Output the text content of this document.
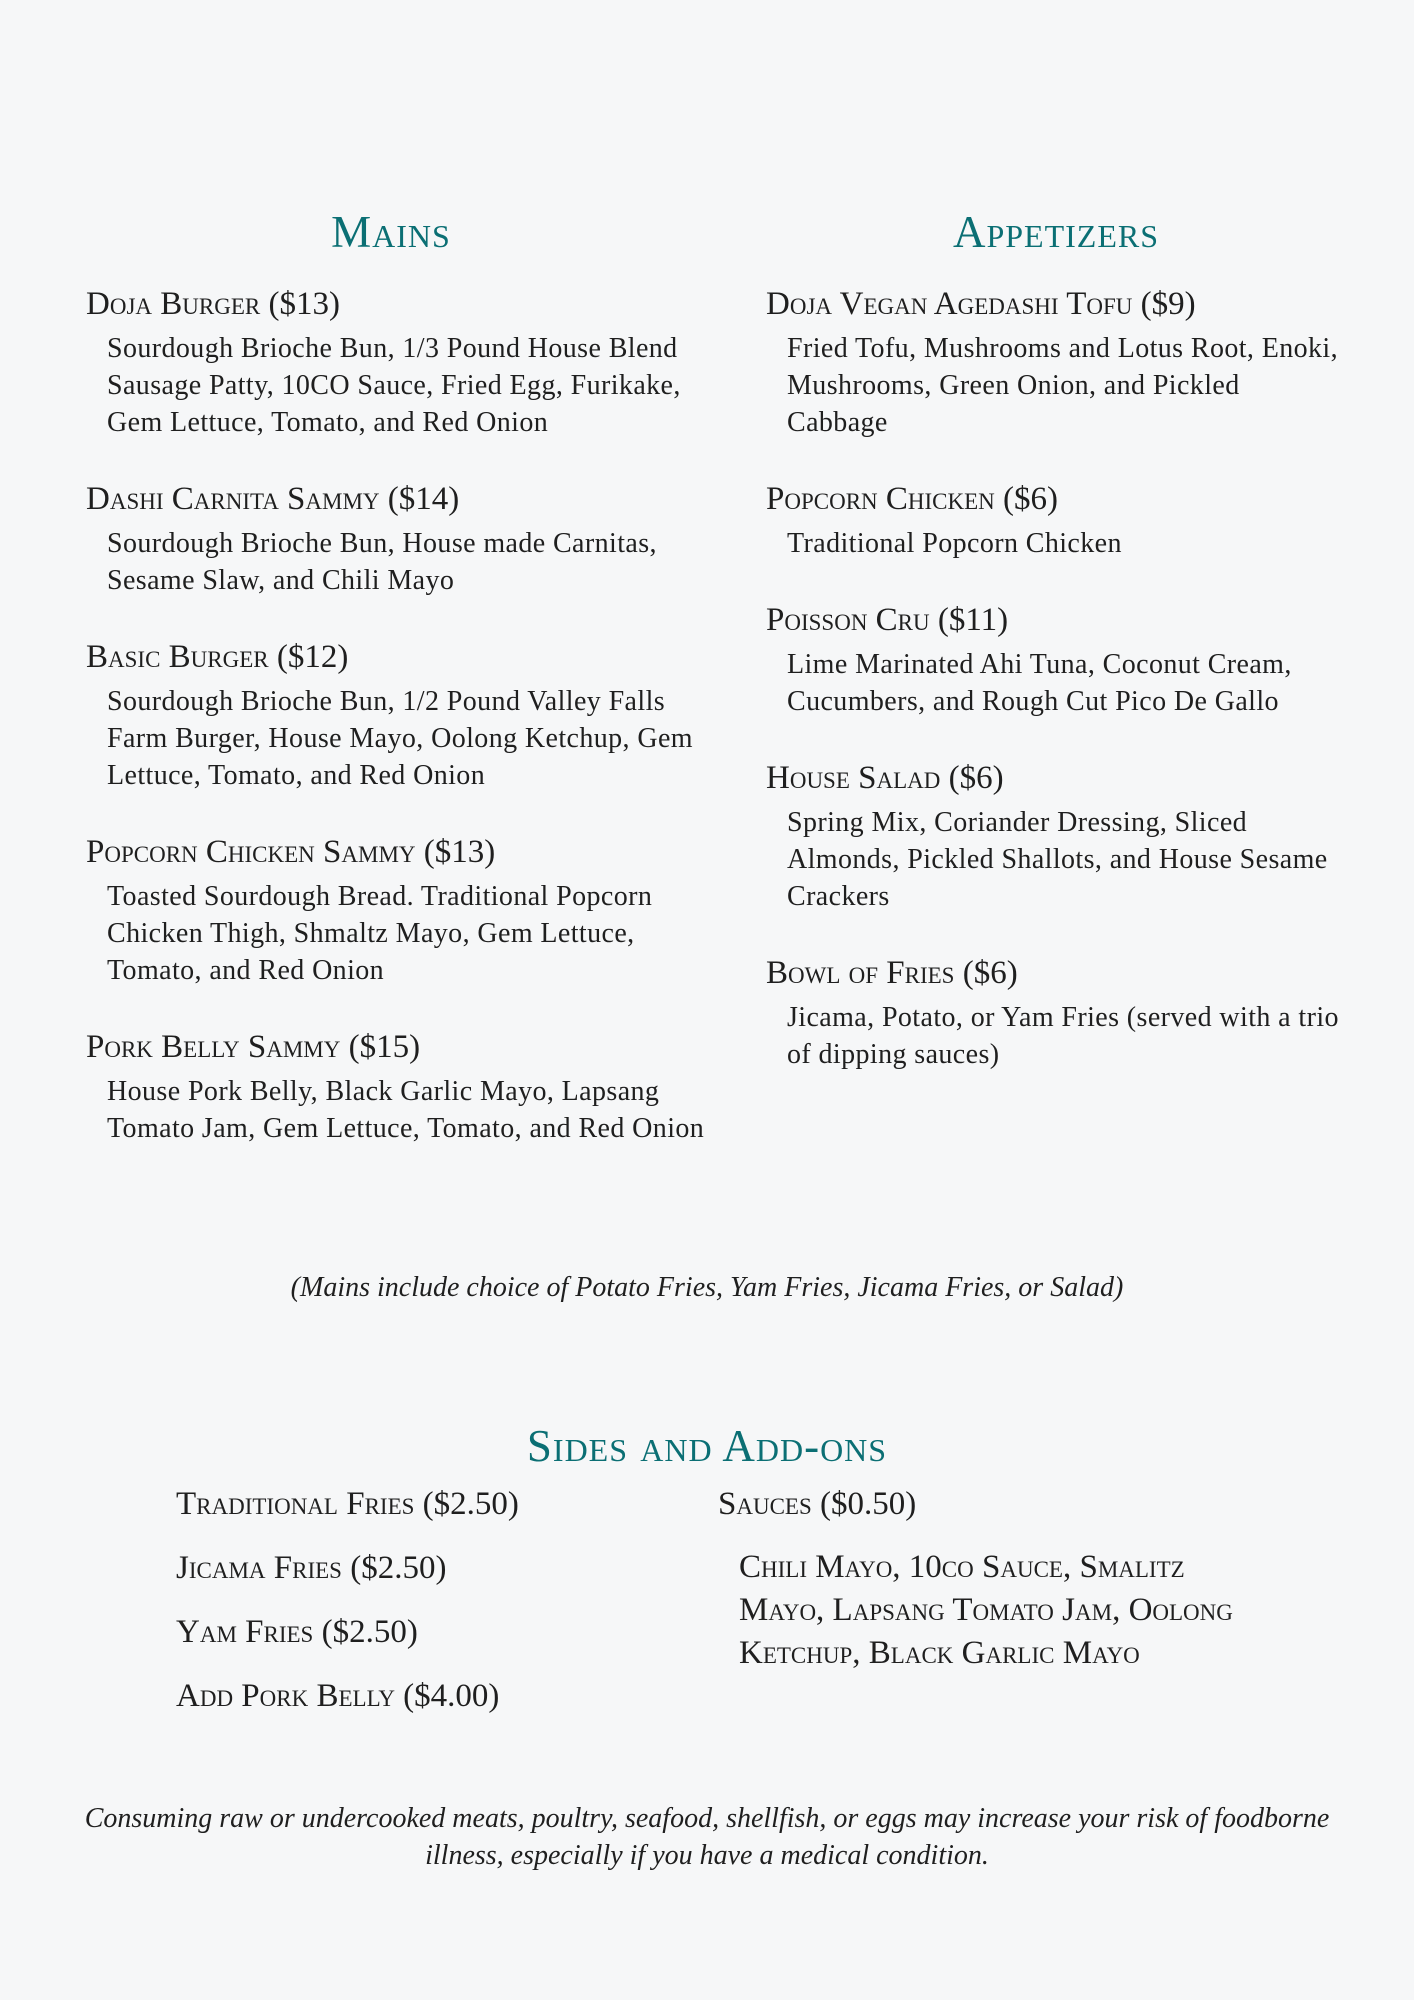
Mains	Appetizers
Doja Burger ($13)
Sourdough Brioche Bun, 1/3 Pound House Blend Sausage Patty, 10CO Sauce, Fried Egg, Furikake, Gem Lettuce, Tomato, and Red Onion
Dashi Carnita Sammy ($14)
Sourdough Brioche Bun, House made Carnitas, Sesame Slaw, and Chili Mayo
Basic Burger ($12)
Sourdough Brioche Bun, 1/2 Pound Valley Falls Farm Burger, House Mayo, Oolong Ketchup, Gem Lettuce, Tomato, and Red Onion
Popcorn Chicken Sammy ($13)
Toasted Sourdough Bread. Traditional Popcorn Chicken Thigh, Shmaltz Mayo, Gem Lettuce, Tomato, and Red Onion
Pork Belly Sammy ($15)
House Pork Belly, Black Garlic Mayo, Lapsang Tomato Jam, Gem Lettuce, Tomato, and Red Onion
Doja Vegan Agedashi Tofu ($9)
Fried Tofu, Mushrooms and Lotus Root, Enoki, Mushrooms, Green Onion, and Pickled Cabbage
Popcorn Chicken ($6)
Traditional Popcorn Chicken
Poisson Cru ($11)
Lime Marinated Ahi Tuna, Coconut Cream, Cucumbers, and Rough Cut Pico De Gallo
House Salad ($6)
Spring Mix, Coriander Dressing, Sliced Almonds, Pickled Shallots, and House Sesame Crackers
Bowl of Fries ($6)
Jicama, Potato, or Yam Fries (served with a trio of dipping sauces)
(Mains include choice of Potato Fries, Yam Fries, Jicama Fries, or Salad)
Sides and Add-ons
Traditional Fries ($2.50)
Jicama Fries ($2.50)
Yam Fries ($2.50)
Add Pork Belly ($4.00)
Sauces ($0.50)
Chili Mayo, 10co Sauce, Smalitz Mayo, Lapsang Tomato Jam, Oolong Ketchup, Black Garlic Mayo
Consuming raw or undercooked meats, poultry, seafood, shellfish, or eggs may increase your risk of foodborne illness, especially if you have a medical condition.
